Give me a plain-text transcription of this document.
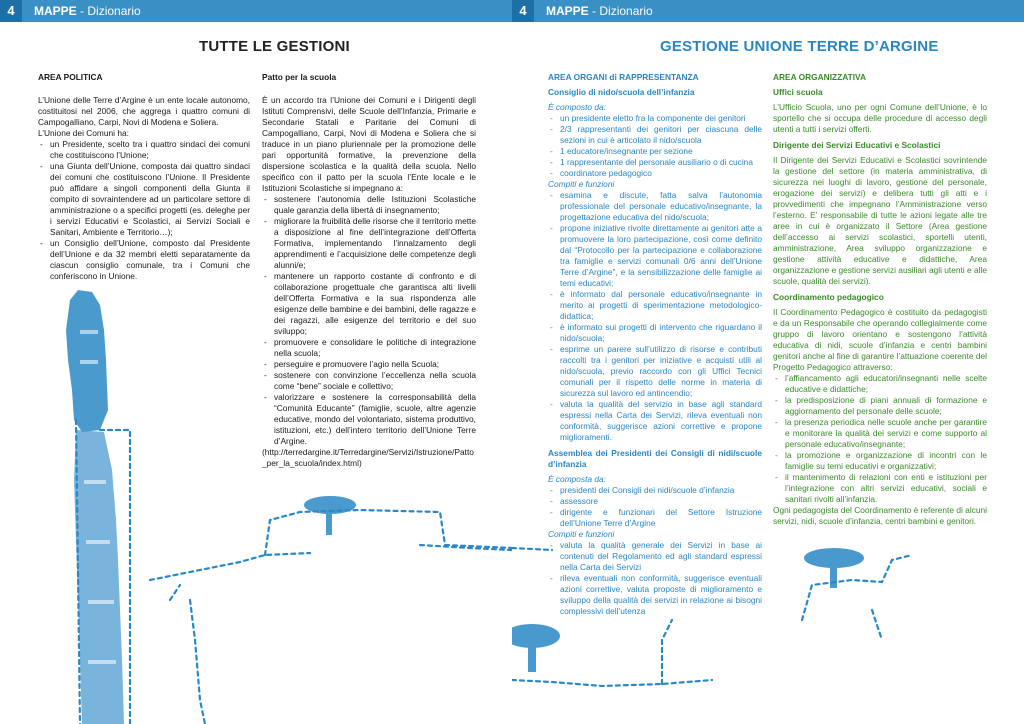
4	MAPPE - Dizionario
TUTTE LE GESTIONI

AREA POLITICA

L’Unione delle Terre d’Argine è un ente locale autonomo, costituitosi nel 2006, che aggrega i quattro comuni di Campogalliano, Carpi, Novi di Modena e Soliera.

L’Unione dei Comuni ha:

- un Presidente, scelto tra i quattro sindaci dei comuni che costituiscono l’Unione;
- una Giunta dell’Unione, composta dai quattro sindaci dei comuni che costituiscono l’Unione. Il Presidente può affidare a singoli componenti della Giunta il compito di sovraintendere ad un particolare settore di amministrazione o a specifici progetti (es. deleghe per i servizi Educativi e Scolastici, ai Servizi Sociali e Sanitari, Ambiente e Territorio…);
- un Consiglio dell’Unione, composto dal Presidente dell’Unione e da 32 membri eletti separatamente da ciascun consiglio comunale, tra i Comuni che conferiscono in Unione.

Patto per la scuola

È un accordo tra l’Unione dei Comuni e i Dirigenti degli Istituti Comprensivi, delle Scuole dell’Infanzia, Primarie e Secondarie Statali e Paritarie dei Comuni di Campogalliano, Carpi, Novi di Modena e Soliera che si traduce in un piano pluriennale per la promozione delle pari opportunità formative, la prevenzione della dispersione scolastica e la qualità della scuola. Nello specifico con il patto per la scuola l’Ente locale e le Istituzioni Scolastiche si impegnano a:

- sostenere l’autonomia delle Istituzioni Scolastiche quale garanzia della libertà di insegnamento;
- migliorare la fruibilità delle risorse che il territorio mette a disposizione al fine dell’integrazione dell’Offerta Formativa, implementando l’innalzamento degli apprendimenti e l’acquisizione delle competenze degli alunni/e;
- mantenere un rapporto costante di confronto e di collaborazione progettuale che garantisca alti livelli dell’Offerta Formativa e la sua rispondenza alle esigenze delle bambine e dei bambini, delle ragazze e dei ragazzi, alle esigenze del territorio e del suo sviluppo;
- promuovere e consolidare le politiche di integrazione nella scuola;
- perseguire e promuovere l’agio nella Scuola;
- sostenere con convinzione l’eccellenza nella scuola come “bene” sociale e collettivo;
- valorizzare e sostenere la corresponsabilità della “Comunità Educante” (famiglie, scuole, altre agenzie educative, mondo del volontariato, sistema produttivo, istituzioni, etc.) dell’intero territorio dell’Unione Terre d’Argine.

(http://terredargine.it/Terredargine/Servizi/Istruzione/Patto_per_la_scuola/index.html)

4	MAPPE - Dizionario
GESTIONE UNIONE TERRE D’ARGINE

AREA ORGANI di RAPPRESENTANZA

Consiglio di nido/scuola dell’infanzia

È composto da:

- un presidente eletto fra la componente dei genitori
- 2/3 rappresentanti dei genitori per ciascuna delle sezioni in cui è articolato il nido/scuola
- 1 educatore/insegnante per sezione
- 1 rappresentante del personale ausiliario o di cucina
- coordinatore pedagogico

Compiti e funzioni

- esamina e discute, fatta salva l’autonomia professionale del personale educativo/insegnante, la progettazione educativa del nido/scuola;
- propone iniziative rivolte direttamente ai genitori atte a promuovere la loro partecipazione, così come definito dal “Protocollo per la partecipazione e collaborazione tra famiglie e servizi comunali 0/6 anni dell’Unione Terre d’Argine”, e la sensibilizzazione delle famiglie ai temi educativi;
- è informato dal personale educativo/insegnante in merito ai progetti di sperimentazione metodologico-didattica;
- è informato sui progetti di intervento che riguardano il nido/scuola;
- esprime un parere sull’utilizzo di risorse e contributi raccolti tra i genitori per iniziative e acquisti utili al nido/scuola, previo raccordo con gli Uffici Tecnici comunali per il rispetto delle norme in materia di sicurezza sul lavoro ed antincendio;
- valuta la qualità del servizio in base agli standard espressi nella Carta dei Servizi, rileva eventuali non conformità, suggerisce azioni correttive e propone miglioramenti.

Assemblea dei Presidenti dei Consigli di nidi/scuole d’infanzia

È composta da:

- presidenti dei Consigli dei nidi/scuole d’infanzia
- assessore
- dirigente e funzionari del Settore Istruzione dell’Unione Terre d’Argine

Compiti e funzioni

- valuta la qualità generale dei Servizi in base ai contenuti del Regolamento ed agli standard espressi nella Carta dei Servizi
- rileva eventuali non conformità, suggerisce eventuali azioni correttive, valuta proposte di miglioramento e sviluppo della qualità dei servizi in relazione ai bisogni complessivi dell’utenza

AREA ORGANIZZATIVA

Uffici scuola

L’Ufficio Scuola, uno per ogni Comune dell’Unione, è lo sportello che si occupa delle procedure di accesso degli utenti a tutti i servizi offerti.

Dirigente dei Servizi Educativi e Scolastici

Il Dirigente dei Servizi Educativi e Scolastici sovrintende la gestione del settore (in materia amministrativa, di sicurezza nei luoghi di lavoro, gestione del personale, erogazione dei servizi) e delibera tutti gli atti e i provvedimenti che impegnano l’Amministrazione verso l’esterno. E’ responsabile di tutte le azioni legate alle tre aree in cui è organizzato il Settore (Area gestione dell’accesso ai servizi scolastici, sportelli utenti, amministrazione, Area sviluppo organizzazione e gestione attività educative e didattiche, Area organizzazione e gestione servizi ausiliari agli utenti e alle scuole, qualità dei servizi).

Coordinamento pedagogico

Il Coordinamento Pedagogico è costituito da pedagogisti e da un Responsabile che operando collegialmente come gruppo di lavoro orientano e sostengono l’attività educativa di nidi, scuole d’infanzia e centri bambini genitori anche al fine di garantire l’attuazione coerente del Progetto Pedagogico attraverso:

- l’affiancamento agli educatori/insegnanti nelle scelte educative e didattiche;
- la predisposizione di piani annuali di formazione e aggiornamento del personale delle scuole;
- la presenza periodica nelle scuole anche per garantire e monitorare la qualità dei servizi e come supporto al personale educativo/insegnante;
- la promozione e organizzazione di incontri con le famiglie su temi educativi e organizzativi;
- il mantenimento di relazioni con enti e istituzioni per l’integrazione con altri servizi educativi, sociali e sanitari rivolti all’infanzia.

Ogni pedagogista del Coordinamento è referente di alcuni servizi, nidi, scuole d’infanzia, centri bambini e genitori.
